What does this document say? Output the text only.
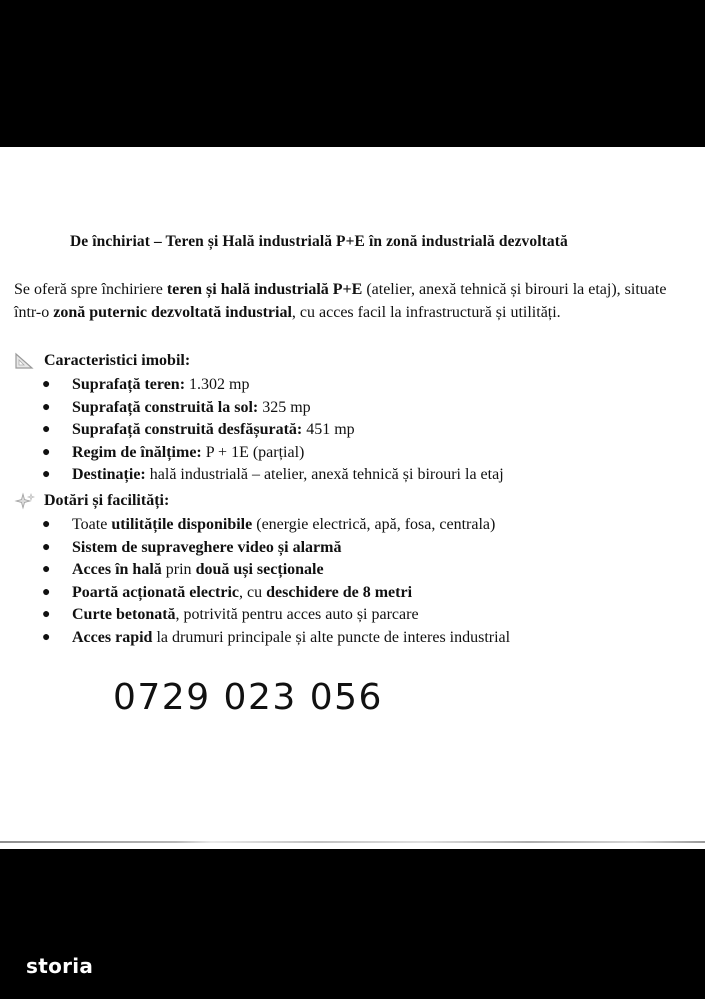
De închiriat – Teren și Hală industrială P+E în zonă industrială dezvoltată
Se oferă spre închiriere teren și hală industrială P+E (atelier, anexă tehnică și birouri la etaj), situate într-o zonă puternic dezvoltată industrial, cu acces facil la infrastructură și utilități.
Caracteristici imobil:
●	Suprafață teren: 1.302 mp
●	Suprafață construită la sol: 325 mp
●	Suprafață construită desfășurată: 451 mp
●	Regim de înălțime: P + 1E (parțial)
●	Destinație: hală industrială – atelier, anexă tehnică și birouri la etaj
Dotări și facilități:
●	Toate utilitățile disponibile (energie electrică, apă, fosa, centrala)
●	Sistem de supraveghere video și alarmă
●	Acces în hală prin două uși secționale
●	Poartă acționată electric, cu deschidere de 8 metri
●	Curte betonată, potrivită pentru acces auto și parcare
●	Acces rapid la drumuri principale și alte puncte de interes industrial
0729 023 056
storia
